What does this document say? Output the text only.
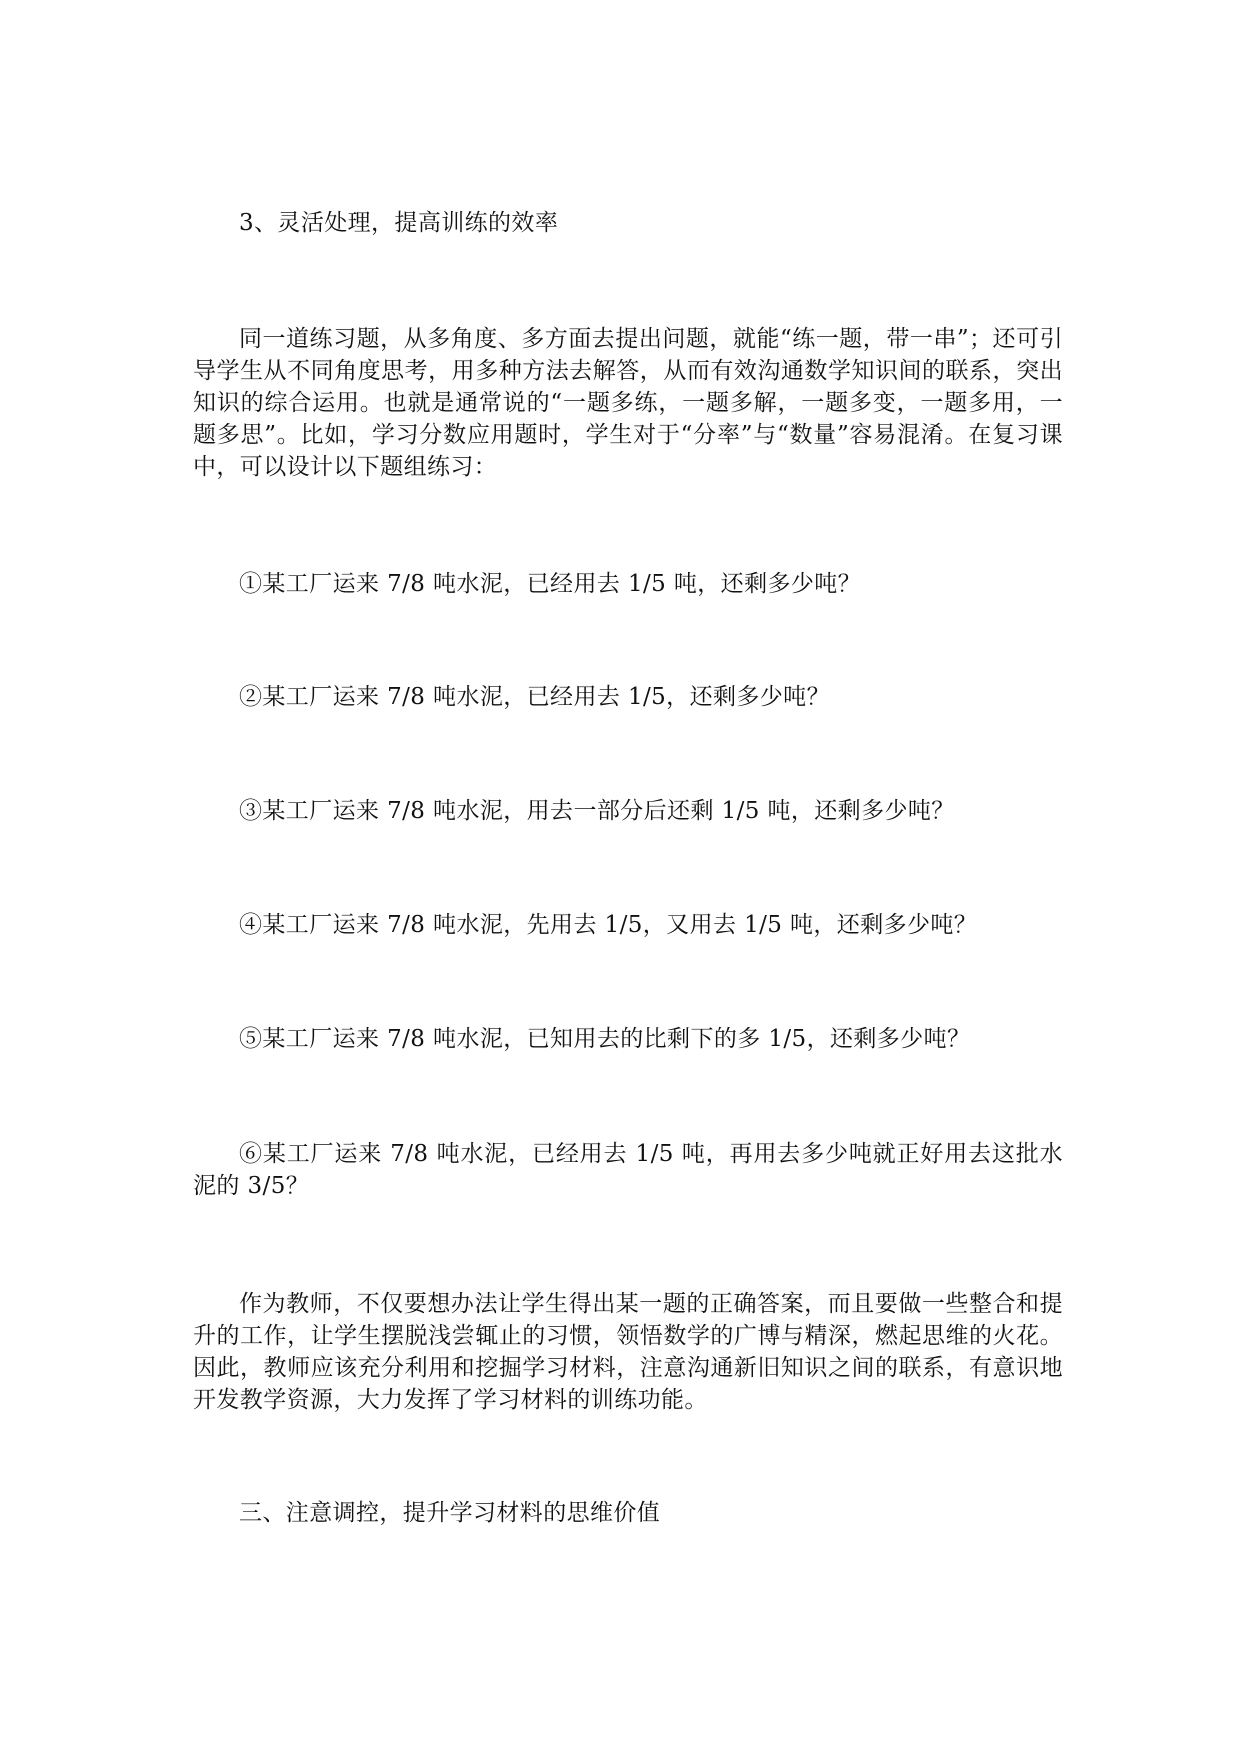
3、灵活处理，提高训练的效率

同一道练习题，从多角度、多方面去提出问题，就能“练一题，带一串”；还可引导学生从不同角度思考，用多种方法去解答，从而有效沟通数学知识间的联系，突出知识的综合运用。也就是通常说的“一题多练，一题多解，一题多变，一题多用，一题多思”。比如，学习分数应用题时，学生对于“分率”与“数量”容易混淆。在复习课中，可以设计以下题组练习：

①某工厂运来 7/8 吨水泥，已经用去 1/5 吨，还剩多少吨？

②某工厂运来 7/8 吨水泥，已经用去 1/5，还剩多少吨？

③某工厂运来 7/8 吨水泥，用去一部分后还剩 1/5 吨，还剩多少吨？

④某工厂运来 7/8 吨水泥，先用去 1/5，又用去 1/5 吨，还剩多少吨？

⑤某工厂运来 7/8 吨水泥，已知用去的比剩下的多 1/5，还剩多少吨？

⑥某工厂运来 7/8 吨水泥，已经用去 1/5 吨，再用去多少吨就正好用去这批水泥的 3/5？

作为教师，不仅要想办法让学生得出某一题的正确答案，而且要做一些整合和提升的工作，让学生摆脱浅尝辄止的习惯，领悟数学的广博与精深，燃起思维的火花。因此，教师应该充分利用和挖掘学习材料，注意沟通新旧知识之间的联系，有意识地开发教学资源，大力发挥了学习材料的训练功能。

三、注意调控，提升学习材料的思维价值
